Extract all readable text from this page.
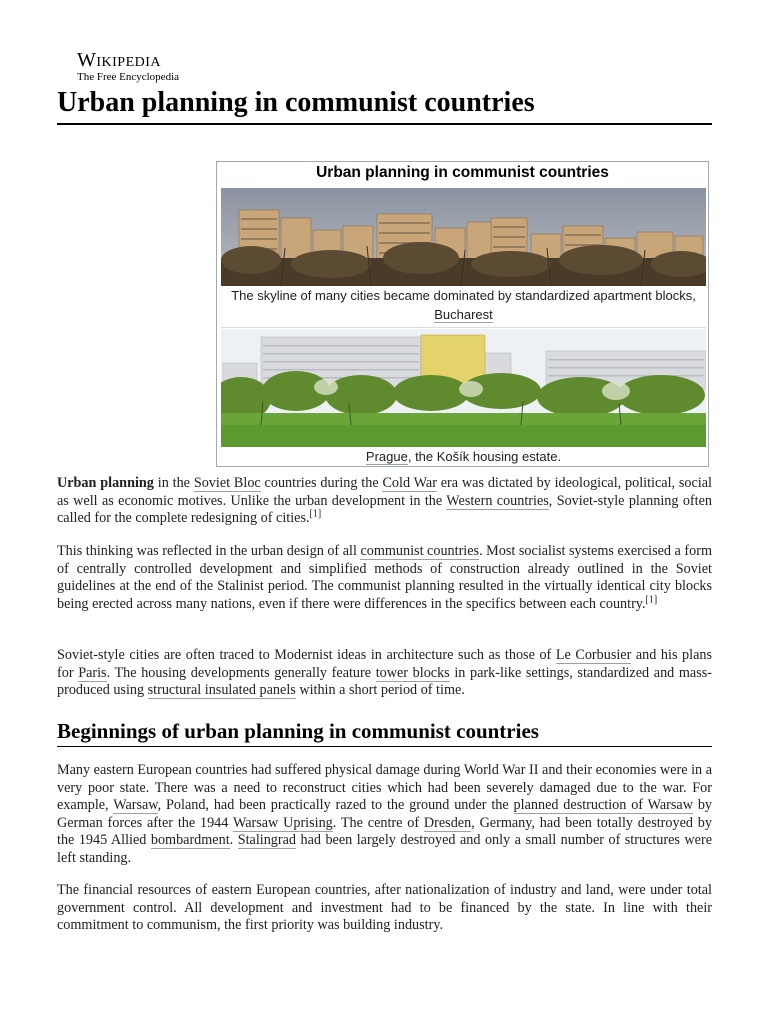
Wikipedia
The Free Encyclopedia
Urban planning in communist countries
Urban planning in communist countries
The skyline of many cities became dominated by standardized apartment blocks, Bucharest
Prague, the Košík housing estate.

Urban planning in the Soviet Bloc countries during the Cold War era was dictated by ideological, political, social as well as economic motives. Unlike the urban development in the Western countries, Soviet-style planning often called for the complete redesigning of cities.[1]

This thinking was reflected in the urban design of all communist countries. Most socialist systems exercised a form of centrally controlled development and simplified methods of construction already outlined in the Soviet guidelines at the end of the Stalinist period. The communist planning resulted in the virtually identical city blocks being erected across many nations, even if there were differences in the specifics between each country.[1]

Soviet-style cities are often traced to Modernist ideas in architecture such as those of Le Corbusier and his plans for Paris. The housing developments generally feature tower blocks in park-like settings, standardized and mass-produced using structural insulated panels within a short period of time.

Beginnings of urban planning in communist countries

Many eastern European countries had suffered physical damage during World War II and their economies were in a very poor state. There was a need to reconstruct cities which had been severely damaged due to the war. For example, Warsaw, Poland, had been practically razed to the ground under the planned destruction of Warsaw by German forces after the 1944 Warsaw Uprising. The centre of Dresden, Germany, had been totally destroyed by the 1945 Allied bombardment. Stalingrad had been largely destroyed and only a small number of structures were left standing.

The financial resources of eastern European countries, after nationalization of industry and land, were under total government control. All development and investment had to be financed by the state. In line with their commitment to communism, the first priority was building industry.
